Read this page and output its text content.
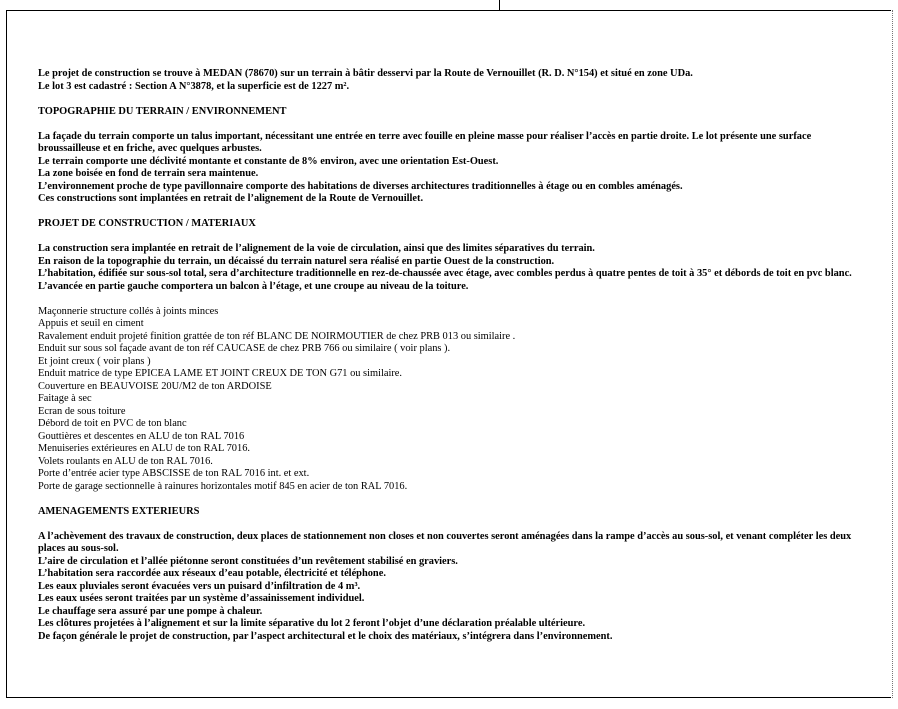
Le projet de construction se trouve à MEDAN (78670) sur un terrain à bâtir desservi par la Route de Vernouillet (R. D. N°154) et situé en zone UDa.

Le lot 3 est cadastré : Section A N°3878, et la superficie est de 1227 m².

TOPOGRAPHIE DU TERRAIN / ENVIRONNEMENT

La façade du terrain comporte un talus important, nécessitant une entrée en terre avec fouille en pleine masse pour réaliser l’accès en partie droite. Le lot présente une surface broussailleuse et en friche, avec quelques arbustes.

Le terrain comporte une déclivité montante et constante de 8% environ, avec une orientation Est-Ouest.

La zone boisée en fond de terrain sera maintenue.

L’environnement proche de type pavillonnaire comporte des habitations de diverses architectures traditionnelles à étage ou en combles aménagés.

Ces constructions sont implantées en retrait de l’alignement de la Route de Vernouillet.

PROJET DE CONSTRUCTION / MATERIAUX

La construction sera implantée en retrait de l’alignement de la voie de circulation, ainsi que des limites séparatives du terrain.

En raison de la topographie du terrain, un décaissé du terrain naturel sera réalisé en partie Ouest de la construction.

L’habitation, édifiée sur sous-sol total, sera d’architecture traditionnelle en rez-de-chaussée avec étage, avec combles perdus à quatre pentes de toit à 35° et débords de toit en pvc blanc.

L’avancée en partie gauche comportera un balcon à l’étage, et une croupe au niveau de la toiture.

Maçonnerie structure collés à joints minces

Appuis et seuil en ciment

Ravalement enduit projeté finition grattée de ton réf BLANC DE NOIRMOUTIER de chez PRB 013 ou similaire .

Enduit sur sous sol façade avant de ton réf CAUCASE de chez PRB 766 ou similaire ( voir plans ).

Et joint creux ( voir plans )

Enduit matrice de type EPICEA LAME ET JOINT CREUX DE TON G71 ou similaire.

Couverture en BEAUVOISE 20U/M2 de ton ARDOISE

Faitage à sec

Ecran de sous toiture

Débord de toit en PVC de ton blanc

Gouttières et descentes en ALU de ton RAL 7016

Menuiseries extérieures en ALU de ton RAL 7016.

Volets roulants en ALU de ton RAL 7016.

Porte d’entrée acier type ABSCISSE de ton RAL 7016 int. et ext.

Porte de garage sectionnelle à rainures horizontales motif 845 en acier de ton RAL 7016.

AMENAGEMENTS EXTERIEURS

A l’achèvement des travaux de construction, deux places de stationnement non closes et non couvertes seront aménagées dans la rampe d’accès au sous-sol, et venant compléter les deux places au sous-sol.

L’aire de circulation et l’allée piétonne seront constituées d’un revêtement stabilisé en graviers.

L’habitation sera raccordée aux réseaux d’eau potable, électricité et téléphone.

Les eaux pluviales seront évacuées vers un puisard d’infiltration de 4 m³.

Les eaux usées seront traitées par un système d’assainissement individuel.

Le chauffage sera assuré par une pompe à chaleur.

Les clôtures projetées à l’alignement et sur la limite séparative du lot 2 feront l’objet d’une déclaration préalable ultérieure.

De façon générale le projet de construction, par l’aspect architectural et le choix des matériaux, s’intégrera dans l’environnement.
